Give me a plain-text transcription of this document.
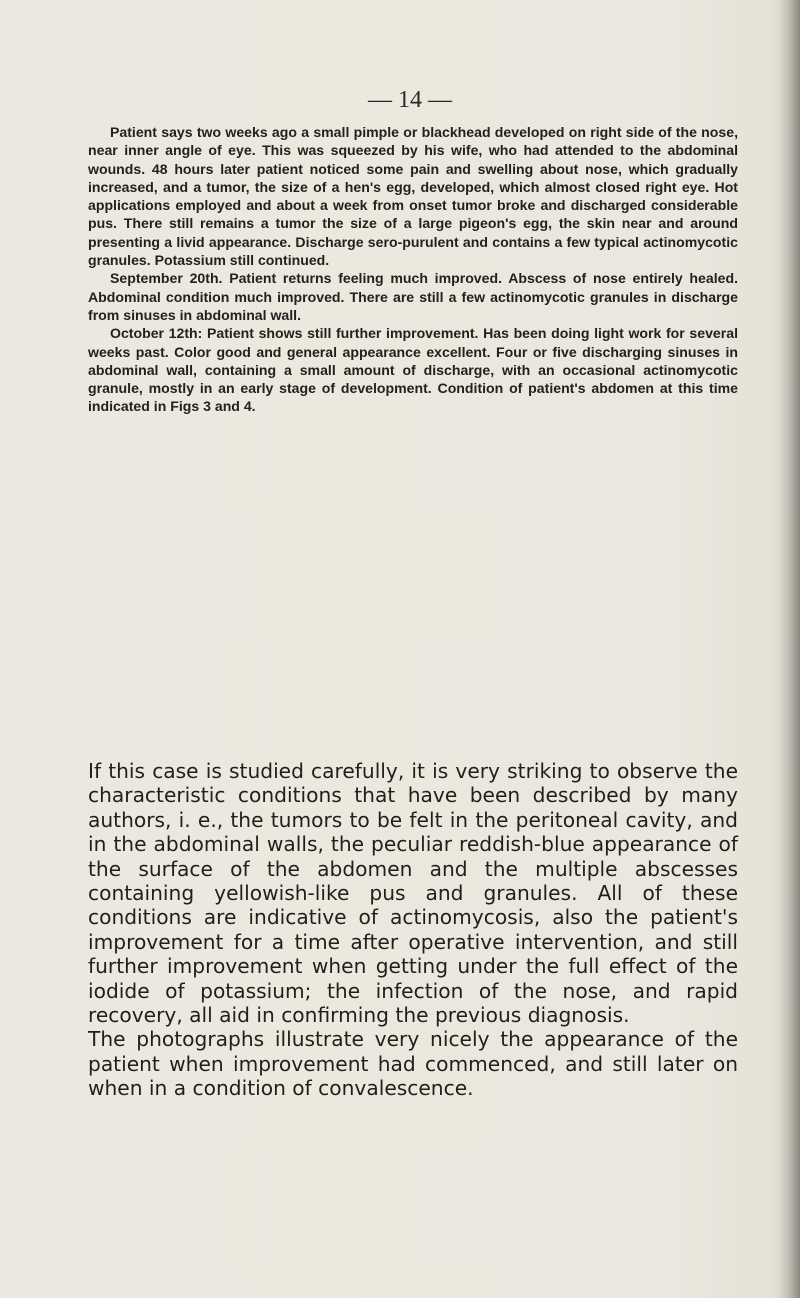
— 14 —

Patient says two weeks ago a small pimple or blackhead developed on right side of the nose, near inner angle of eye. This was squeezed by his wife, who had attended to the abdominal wounds. 48 hours later patient noticed some pain and swelling about nose, which gradually increased, and a tumor, the size of a hen's egg, developed, which almost closed right eye. Hot applications employed and about a week from onset tumor broke and discharged considerable pus. There still remains a tumor the size of a large pigeon's egg, the skin near and around presenting a livid appearance. Discharge sero-purulent and contains a few typical actinomycotic granules. Potassium still continued.

September 20th. Patient returns feeling much improved. Abscess of nose entirely healed. Abdominal condition much improved. There are still a few actinomycotic granules in discharge from sinuses in abdominal wall.

October 12th: Patient shows still further improvement. Has been doing light work for several weeks past. Color good and general appearance excellent. Four or five discharging sinuses in abdominal wall, containing a small amount of discharge, with an occasional actinomycotic granule, mostly in an early stage of development. Condition of patient's abdomen at this time indicated in Figs 3 and 4.

If this case is studied carefully, it is very striking to observe the characteristic conditions that have been described by many authors, i. e., the tumors to be felt in the peritoneal cavity, and in the abdominal walls, the peculiar reddish-blue appearance of the surface of the abdomen and the multiple abscesses containing yellowish-like pus and granules. All of these conditions are indicative of actinomycosis, also the patient's improvement for a time after operative intervention, and still further improvement when getting under the full effect of the iodide of potassium; the infection of the nose, and rapid recovery, all aid in confirming the previous diagnosis.

The photographs illustrate very nicely the appearance of the patient when improvement had commenced, and still later on when in a condition of convalescence.
